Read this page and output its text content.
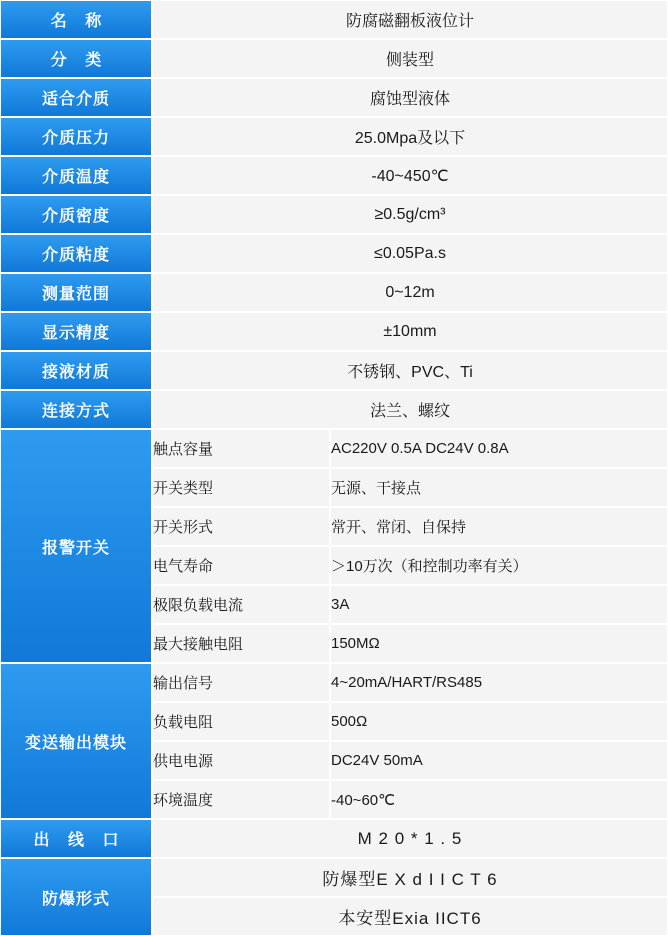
名 称	防腐磁翻板液位计
分 类	侧装型
适合介质	腐蚀型液体
介质压力	25.0Mpa及以下
介质温度	-40~450℃
介质密度	≥0.5g/cm³
介质粘度	≤0.05Pa.s
测量范围	0~12m
显示精度	±10mm
接液材质	不锈钢、PVC、Ti
连接方式	法兰、螺纹
报警开关	
触点容量	AC220V 0.5A DC24V 0.8A
开关类型	无源、干接点
开关形式	常开、常闭、自保持
电气寿命	＞10万次（和控制功率有关）
极限负载电流	3A
最大接触电阻	150MΩ

变送输出模块	
输出信号	4~20mA/HART/RS485
负载电阻	500Ω
供电电源	DC24V 50mA
环境温度	-40~60℃

出 线 口	M 2 0 * 1 . 5
防爆形式	
防爆型E X d I I C T 6
本安型Exia IICT6
